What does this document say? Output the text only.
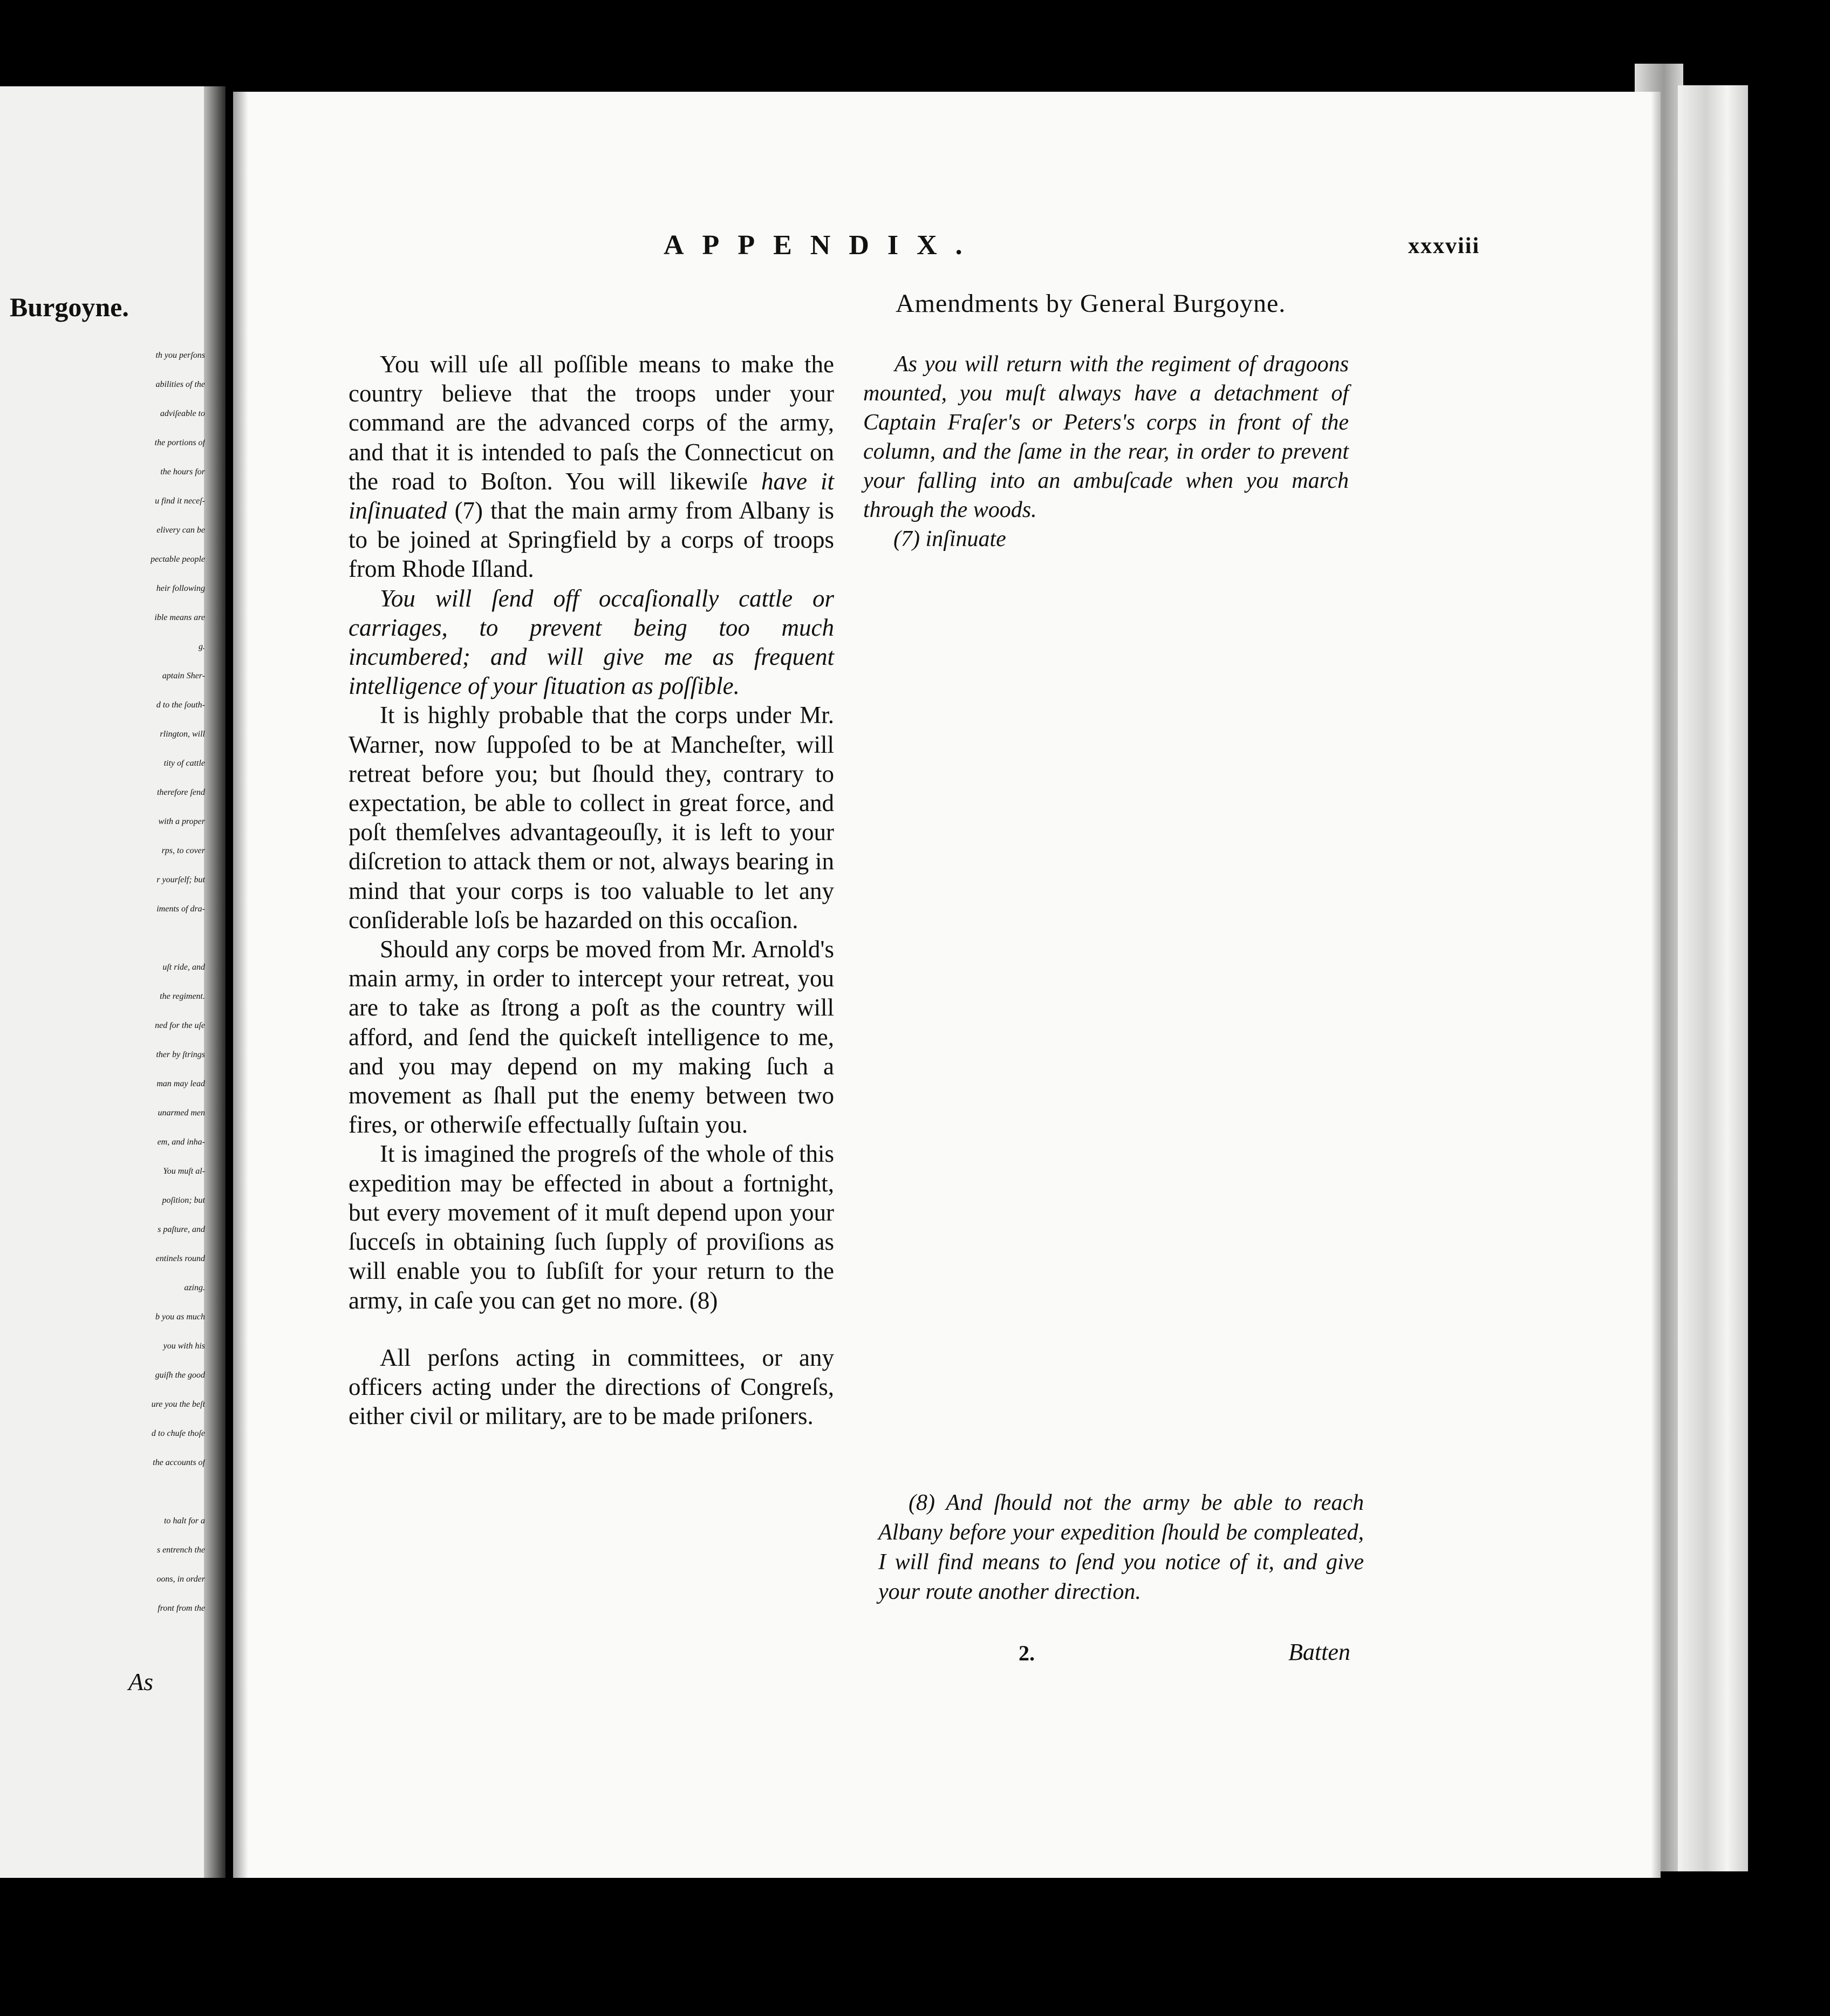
Burgoyne.
th you perſons
abilities of the
adviſeable to
the portions of
the hours for
u find it neceſ-
elivery can be
pectable people
heir following
ible means are
g.
aptain Sher-
d to the ſouth-
rlington, will
tity of cattle
therefore ſend
with a proper
rps, to cover
r yourſelf; but
iments of dra-

uſt ride, and
the regiment.
ned for the uſe
ther by ſtrings
man may lead
unarmed men
em, and inha-
You muſt al-
poſition; but
s paſture, and
entinels round
azing.
b you as much
you with his
guiſh the good
ure you the beſt
d to chuſe thoſe
the accounts of

to halt for a
s entrench the
oons, in order
front from the
As
APPENDIX.	xxxviii
Amendments by General Burgoyne.

You will uſe all poſſible means to make the country believe that the troops under your command are the advanced corps of the army, and that it is intended to paſs the Connecticut on the road to Boſton. You will likewiſe have it inſinuated (7) that the main army from Albany is to be joined at Springfield by a corps of troops from Rhode Iſland.

You will ſend off occaſionally cattle or carriages, to prevent being too much incumbered; and will give me as frequent intelligence of your ſituation as poſſible.

It is highly probable that the corps under Mr. Warner, now ſuppoſed to be at Mancheſter, will retreat before you; but ſhould they, contrary to expectation, be able to collect in great force, and poſt themſelves advantageouſly, it is left to your diſcretion to attack them or not, always bearing in mind that your corps is too valuable to let any conſiderable loſs be hazarded on this occaſion.

Should any corps be moved from Mr. Arnold's main army, in order to intercept your retreat, you are to take as ſtrong a poſt as the country will afford, and ſend the quickeſt intelligence to me, and you may depend on my making ſuch a movement as ſhall put the enemy between two fires, or otherwiſe effectually ſuſtain you.

It is imagined the progreſs of the whole of this expedition may be effected in about a fortnight, but every movement of it muſt depend upon your ſucceſs in obtaining ſuch ſupply of proviſions as will enable you to ſubſiſt for your return to the army, in caſe you can get no more. (8)

All perſons acting in committees, or any officers acting under the directions of Congreſs, either civil or military, are to be made priſoners.

As you will return with the regiment of dragoons mounted, you muſt always have a detachment of Captain Fraſer's or Peters's corps in front of the column, and the ſame in the rear, in order to prevent your falling into an ambuſcade when you march through the woods.

(7) inſinuate

(8) And ſhould not the army be able to reach Albany before your expedition ſhould be compleated, I will find means to ſend you notice of it, and give your route another direction.

2.	Batten
